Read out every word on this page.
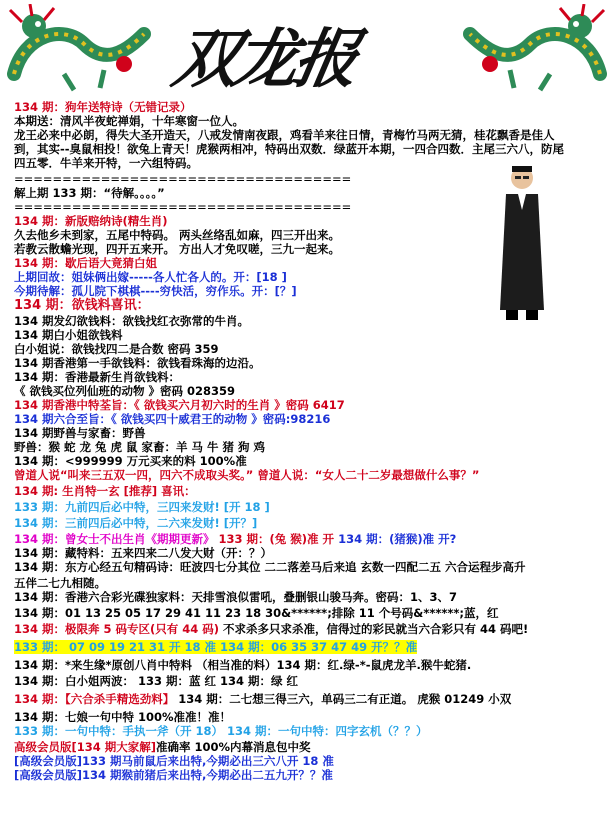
双龙报
134 期：狗年送特诗（无错记录）
本期送：清风半夜蛇禅娟，十年寒窗一位人。
龙王必来中必朗，得失大圣开造天，八戒发情南夜跟，鸡看羊来往日情，青梅竹马两无猜，桂花飘香是佳人到，其实--臭鼠相投！欲兔上青天！虎猴两相冲，特码出双数．绿蓝开本期，一四合四数．主尾三六八，防尾四五零．牛羊来开特，一六组特码。
===================================
解上期 133 期：“待解。。。。”
===================================
134 期：新版赔纳诗(精生肖)
久去他乡未到家，五尾中特码。 两头丝络乱如麻，四三开出来。
若教云散蟾光现，四开五来开。 方出人才免叹嗟，三九一起来。
134 期：歇后语大竟猜白姐
上期回故：姐妹俩出嫁-----各人忙各人的。开：[18 ]
今期待解：孤儿院下棋棋----穷快活，穷作乐。开：[？]
134 期：欲钱料喜讯：
134 期发幻欲钱料：欲钱找红衣弥常的牛肖。
134 期白小姐欲钱料
白小姐说：欲钱找四二是合数 密码 359
134 期香港第一手欲钱料：欲钱看珠海的边沿。
134 期：香港最新生肖欲钱料：
《 欲钱买位列仙班的动物 》密码 028359
134 期香港中特荃旨：《 欲钱买六月初六时的生肖 》密码 6417
134 期六合至旨：《 欲钱买四十威君王的动物 》密码:98216
134 期野兽与家畜：野兽
野兽：猴 蛇 龙 兔 虎 鼠 家畜：羊 马 牛 猪 狗 鸡
134 期：<999999 万元买来的料 100%准
曾道人说“叫来三五双一四，四六不成取头奖。” 曾道人说：“女人二十二岁最想做什么事？”
134 期: 生肖特一玄 [推荐] 喜讯：
133 期：九前四后必中特，三四来发财! [开 18 ]
134 期：三前四后必中特，二六来发财! [开？]
134 期：曾女士不出生肖《期期更新》 133 期：(兔 猴)准 开 134 期：(猪猴)准 开?
134 期：藏特料：五来四来二八发大财（开：？）
134 期：东方心经五句精码诗：旺波四七分其位 二二落差马后来追 玄数一四配二五 六合运程步高升
五伴二七九相随。
134 期：香港六合彩光碟独家料：天排雪浪似雷吼，叠删银山骏马奔。密码：1、3、7
134 期：01 13 25 05 17 29 41 11 23 18 30&******;排除 11 个号码&******;蓝，红
134 期：极限奔 5 码专区(只有 44 码) 不求杀多只求杀准，信得过的彩民就当六合彩只有 44 码吧!
133 期： 07 09 19 21 31 开 18 准 134 期：06 35 37 47 49 开？？准
134 期：*来生缘*原创八肖中特料 （相当准的料）134 期：红.绿-*-鼠虎龙羊.猴牛蛇猪.
134 期：白小姐两波： 133 期：蓝 红 134 期：绿 红
134 期：【六合杀手精选劲料】 134 期：二七想三得三六，单码三二有正道。 虎猴 01249 小双
134 期：七娘一句中特 100%准准！准！
133 期：一句中特：手执一斧（开 18） 134 期：一句中特：四字玄机（？？）
高级会员版[134 期大家解]准确率 100%内幕消息包中奖
[高级会员版]133 期马前鼠后来出特,今期必出三六八开 18 准
[高级会员版]134 期猴前猪后来出特,今期必出二五九开？？准
